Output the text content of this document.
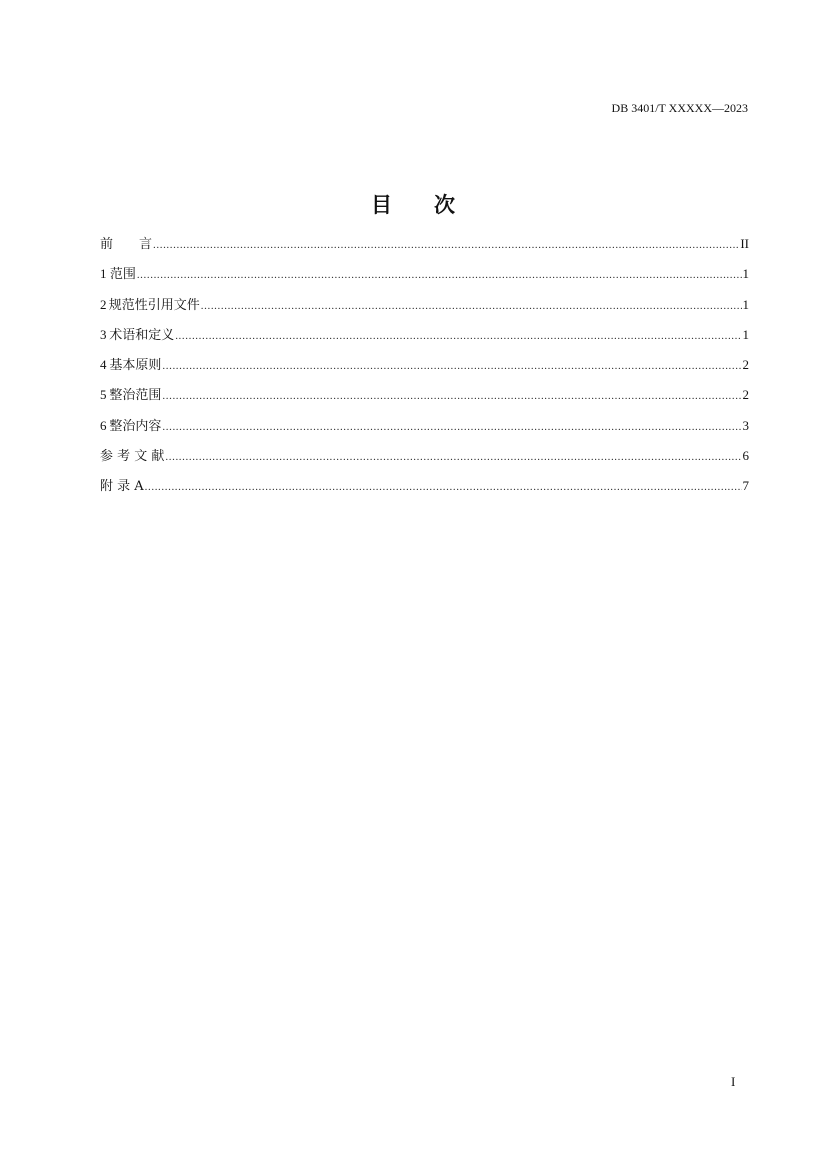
DB 3401/T XXXXX—2023
目次
前　　言 .....	II
1 范围 .....	1
2 规范性引用文件 .....	1
3 术语和定义 .....	1
4 基本原则 .....	2
5 整治范围 .....	2
6 整治内容 .....	3
参 考 文 献 .....	6
附 录 A .....	7
I
